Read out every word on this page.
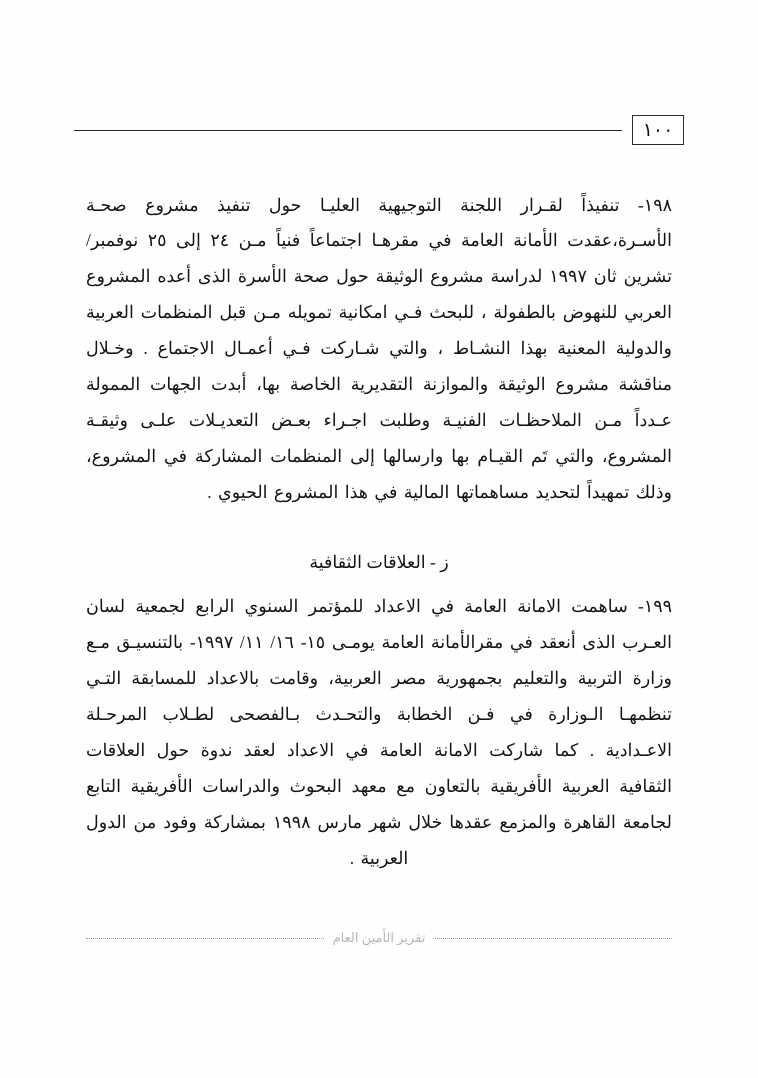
١٠٠

١٩٨- تنفيذاً لقـرار اللجنة التوجيهية العليـا حول تنفيذ مشروع صحـة الأسـرة،عقدت الأمانة العامة في مقرهـا اجتماعاً فنياً مـن ٢٤ إلى ٢٥ نوفمبر/ تشرين ثان ١٩٩٧ لدراسة مشروع الوثيقة حول صحة الأسرة الذى أعده المشروع العربي للنهوض بالطفولة ، للبحث فـي امكانية تمويله مـن قبل المنظمات العربية والدولية المعنية بهذا النشـاط ، والتي شـاركت فـي أعمـال الاجتماع . وخـلال مناقشة مشروع الوثيقة والموازنة التقديرية الخاصة بها، أبدت الجهات الممولة عـدداً مـن الملاحظـات الفنيـة وطلبت اجـراء بعـض التعديـلات علـى وثيقـة المشروع، والتي تَم القيـام بها وارسالها إلى المنظمات المشاركة في المشروع، وذلك تمهيداً لتحديد مساهماتها المالية في هذا المشروع الحيوي .

ز - العلاقات الثقافية

١٩٩- ساهمت الامانة العامة في الاعداد للمؤتمر السنوي الرابع لجمعية لسان العـرب الذى أنعقد في مقرالأمانة العامة يومـى ١٥- ١٦/ ١١/ ١٩٩٧- بالتنسيـق مـع وزارة التربية والتعليم بجمهورية مصر العربية، وقامت بالاعداد للمسابقة التـي تنظمهـا الـوزارة في فـن الخطابة والتحـدث بـالفصحى لطـلاب المرحـلة الاعـدادية . كما شاركت الامانة العامة في الاعداد لعقد ندوة حول العلاقات الثقافية العربية الأفريقية بالتعاون مع معهد البحوث والدراسات الأفريقية التابع لجامعة القاهرة والمزمع عقدها خلال شهر مارس ١٩٩٨ بمشاركة وفود من الدول العربية .

تقرير الأمين العام
